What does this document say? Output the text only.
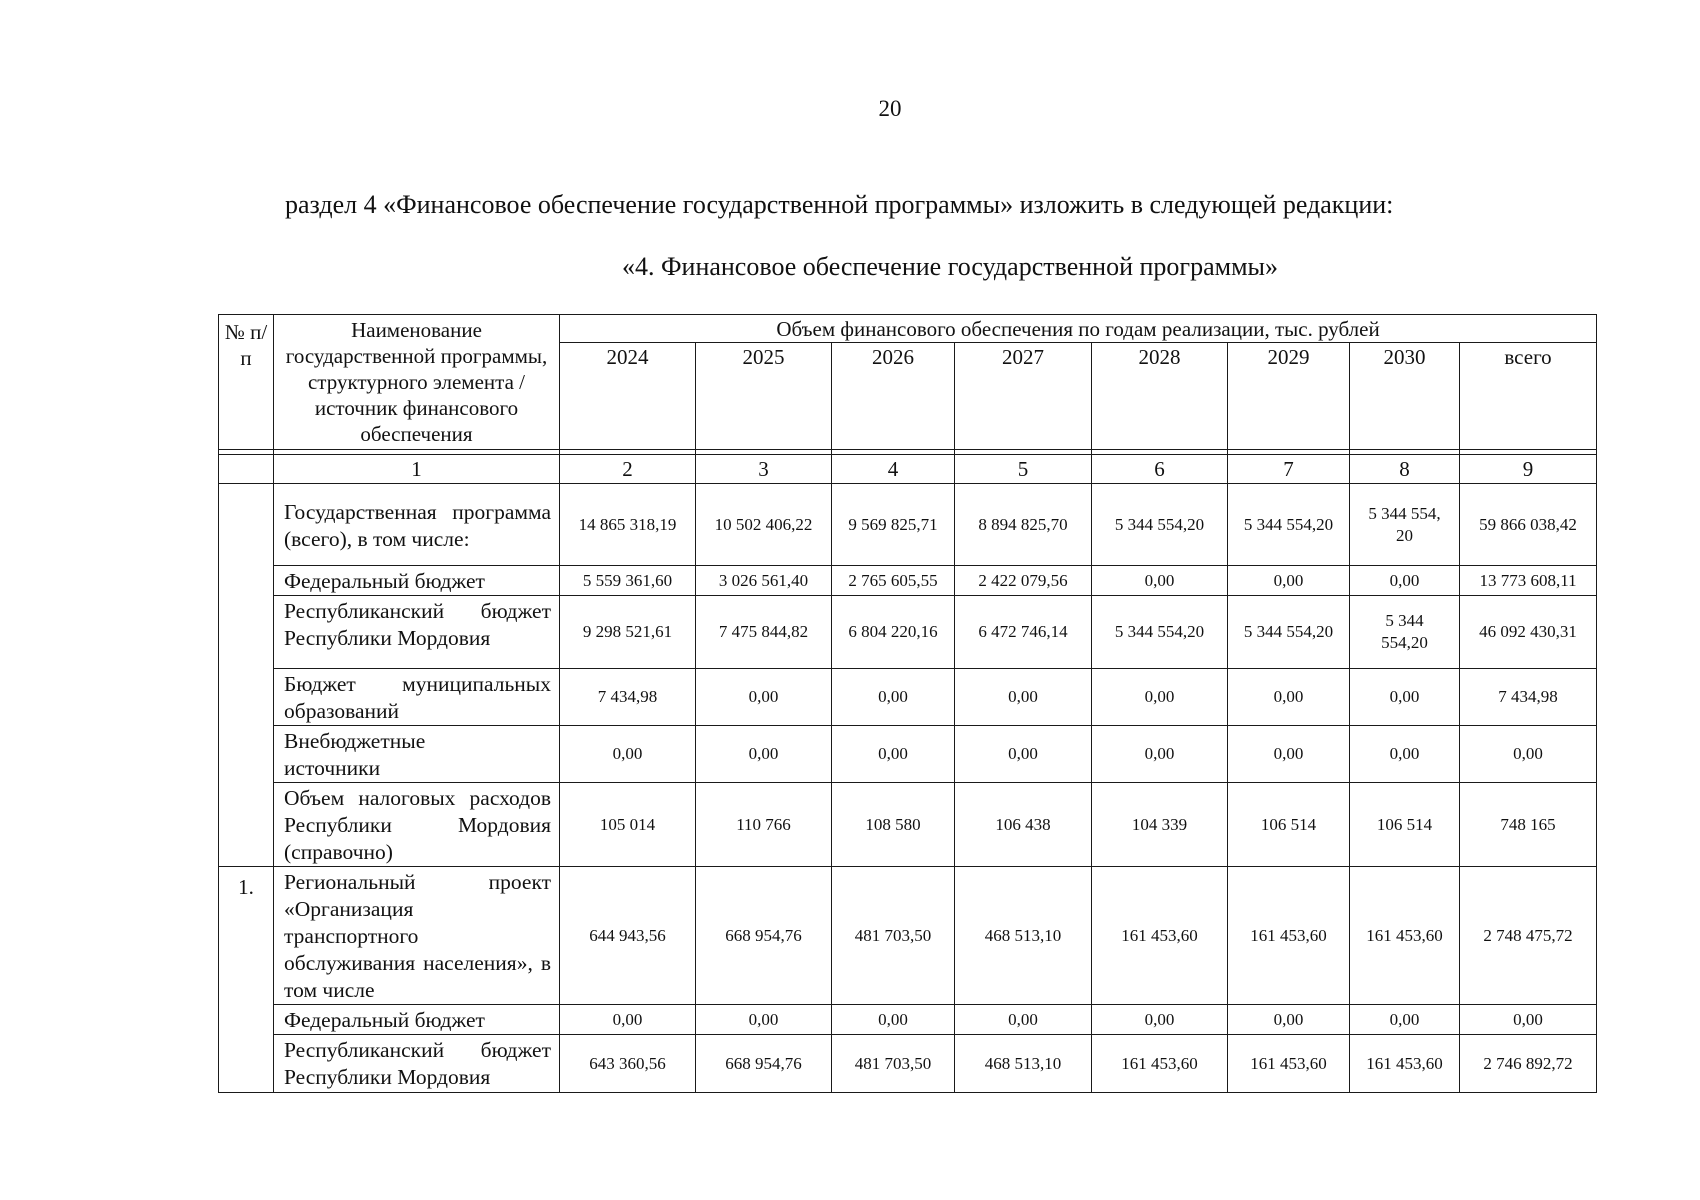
20
раздел 4 «Финансовое обеспечение государственной программы» изложить в следующей редакции:
«4. Финансовое обеспечение государственной программы»
№ п/п	Наименование государственной программы, структурного элемента / источник финансового обеспечения	Объем финансового обеспечения по годам реализации, тыс. рублей							
		2024	2025	2026	2027	2028	2029	2030	всего

	1	2	3	4	5	6	7	8	9
	Государственная программа (всего), в том числе:	14 865 318,19	10 502 406,22	9 569 825,71	8 894 825,70	5 344 554,20	5 344 554,20	5 344 554, 20	59 866 038,42
	Федеральный бюджет	5 559 361,60	3 026 561,40	2 765 605,55	2 422 079,56	0,00	0,00	0,00	13 773 608,11
	Республиканский бюджет Республики Мордовия	9 298 521,61	7 475 844,82	6 804 220,16	6 472 746,14	5 344 554,20	5 344 554,20	5 344 554,20	46 092 430,31
	Бюджет муниципальных образований	7 434,98	0,00	0,00	0,00	0,00	0,00	0,00	7 434,98

	Внебюджетные источники	0,00	0,00	0,00	0,00	0,00	0,00	0,00	0,00
	Объем налоговых расходов Республики Мордовия (справочно)	105 014	110 766	108 580	106 438	104 339	106 514	106 514	748 165
1.	Региональный проект «Организация транспортного обслуживания населения», в том числе	644 943,56	668 954,76	481 703,50	468 513,10	161 453,60	161 453,60	161 453,60	2 748 475,72
	Федеральный бюджет	0,00	0,00	0,00	0,00	0,00	0,00	0,00	0,00
	Республиканский бюджет Республики Мордовия	643 360,56	668 954,76	481 703,50	468 513,10	161 453,60	161 453,60	161 453,60	2 746 892,72
